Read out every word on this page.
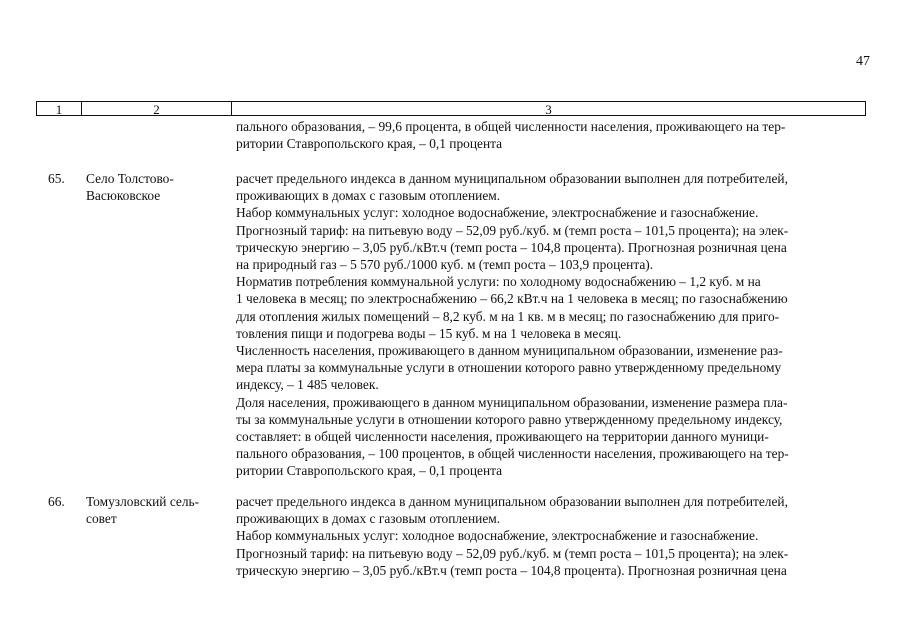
47
1	2	3

пального образования, – 99,6 процента, в общей численности населения, проживающего на тер-

ритории Ставропольского края, – 0,1 процента

65. Село Толстово-
Васюковское

расчет предельного индекса в данном муниципальном образовании выполнен для потребителей,

проживающих в домах с газовым отоплением.

Набор коммунальных услуг: холодное водоснабжение, электроснабжение и газоснабжение.

Прогнозный тариф: на питьевую воду – 52,09 руб./куб. м (темп роста – 101,5 процента); на элек-

трическую энергию – 3,05 руб./кВт.ч (темп роста – 104,8 процента). Прогнозная розничная цена

на природный газ – 5 570 руб./1000 куб. м (темп роста – 103,9 процента).

Норматив потребления коммунальной услуги: по холодному водоснабжению – 1,2 куб. м на

1 человека в месяц; по электроснабжению – 66,2 кВт.ч на 1 человека в месяц; по газоснабжению

для отопления жилых помещений – 8,2 куб. м на 1 кв. м в месяц; по газоснабжению для приго-

товления пищи и подогрева воды – 15 куб. м на 1 человека в месяц.

Численность населения, проживающего в данном муниципальном образовании, изменение раз-

мера платы за коммунальные услуги в отношении которого равно утвержденному предельному

индексу, – 1 485 человек.

Доля населения, проживающего в данном муниципальном образовании, изменение размера пла-

ты за коммунальные услуги в отношении которого равно утвержденному предельному индексу,

составляет: в общей численности населения, проживающего на территории данного муници-

пального образования, – 100 процентов, в общей численности населения, проживающего на тер-

ритории Ставропольского края, – 0,1 процента

66. Томузловский сель-
совет

расчет предельного индекса в данном муниципальном образовании выполнен для потребителей,

проживающих в домах с газовым отоплением.

Набор коммунальных услуг: холодное водоснабжение, электроснабжение и газоснабжение.

Прогнозный тариф: на питьевую воду – 52,09 руб./куб. м (темп роста – 101,5 процента); на элек-

трическую энергию – 3,05 руб./кВт.ч (темп роста – 104,8 процента). Прогнозная розничная цена
